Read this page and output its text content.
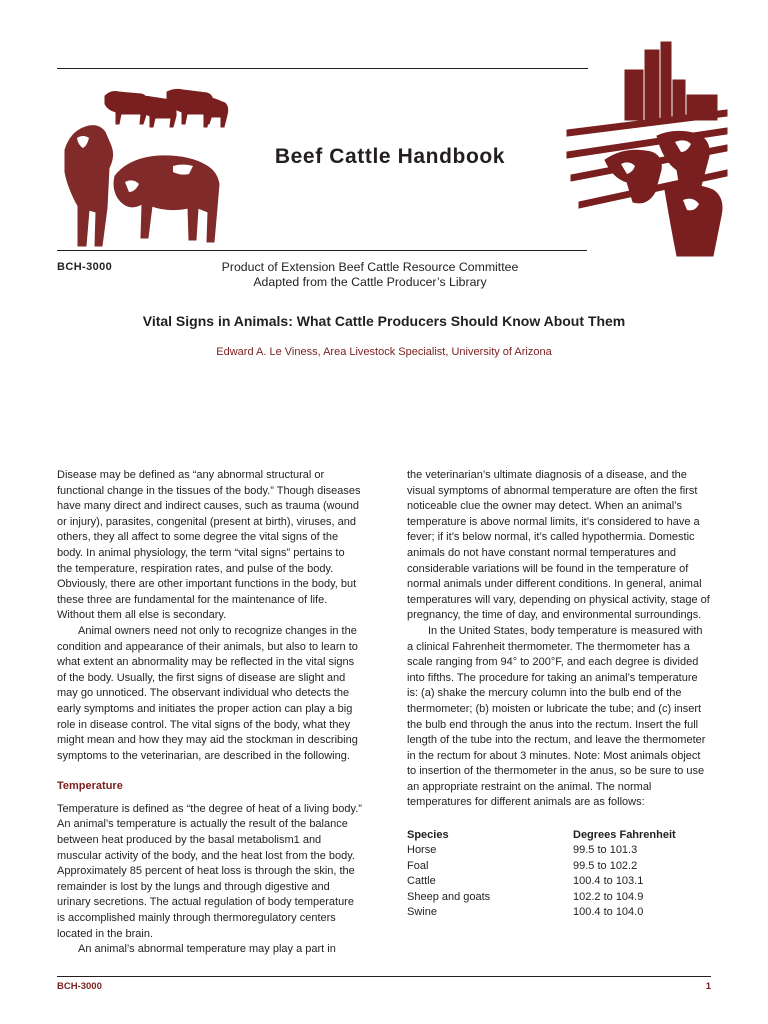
Beef Cattle Handbook
BCH-3000	Product of Extension Beef Cattle Resource Committee
Adapted from the Cattle Producer’s Library
Vital Signs in Animals: What Cattle Producers Should Know About Them
Edward A. Le Viness, Area Livestock Specialist, University of Arizona

Disease may be defined as “any abnormal structural or functional change in the tissues of the body.” Though diseases have many direct and indirect causes, such as trauma (wound or injury), parasites, congenital (present at birth), viruses, and others, they all affect to some degree the vital signs of the body. In animal physiology, the term “vital signs” pertains to the temperature, respiration rates, and pulse of the body. Obviously, there are other important functions in the body, but these three are fundamental for the maintenance of life. Without them all else is secondary.

Animal owners need not only to recognize changes in the condition and appearance of their animals, but also to learn to what extent an abnormality may be reflected in the vital signs of the body. Usually, the first signs of disease are slight and may go unnoticed. The observant individual who detects the early symptoms and initiates the proper action can play a big role in disease control. The vital signs of the body, what they might mean and how they may aid the stockman in describing symptoms to the veterinarian, are described in the following.

Temperature

Temperature is defined as “the degree of heat of a living body.” An animal’s temperature is actually the result of the balance between heat produced by the basal metabolism1 and muscular activity of the body, and the heat lost from the body. Approximately 85 percent of heat loss is through the skin, the remainder is lost by the lungs and through digestive and urinary secretions. The actual regulation of body temperature is accomplished mainly through thermoregulatory centers located in the brain.

An animal’s abnormal temperature may play a part in

the veterinarian’s ultimate diagnosis of a disease, and the visual symptoms of abnormal temperature are often the first noticeable clue the owner may detect. When an animal’s temperature is above normal limits, it’s considered to have a fever; if it’s below normal, it’s called hypothermia. Domestic animals do not have constant normal temperatures and considerable variations will be found in the temperature of normal animals under different conditions. In general, animal temperatures will vary, depending on physical activity, stage of pregnancy, the time of day, and environmental surroundings.

In the United States, body temperature is measured with a clinical Fahrenheit thermometer. The thermometer has a scale ranging from 94° to 200°F, and each degree is divided into fifths. The procedure for taking an animal’s temperature is: (a) shake the mercury column into the bulb end of the thermometer; (b) moisten or lubricate the tube; and (c) insert the bulb end through the anus into the rectum. Insert the full length of the tube into the rectum, and leave the thermometer in the rectum for about 3 minutes. Note: Most animals object to insertion of the thermometer in the anus, so be sure to use an appropriate restraint on the animal. The normal temperatures for different animals are as follows:

Species	Degrees Fahrenheit
Horse	99.5 to 101.3
Foal	99.5 to 102.2
Cattle	100.4 to 103.1
Sheep and goats	102.2 to 104.9
Swine	100.4 to 104.0
BCH-3000	1
